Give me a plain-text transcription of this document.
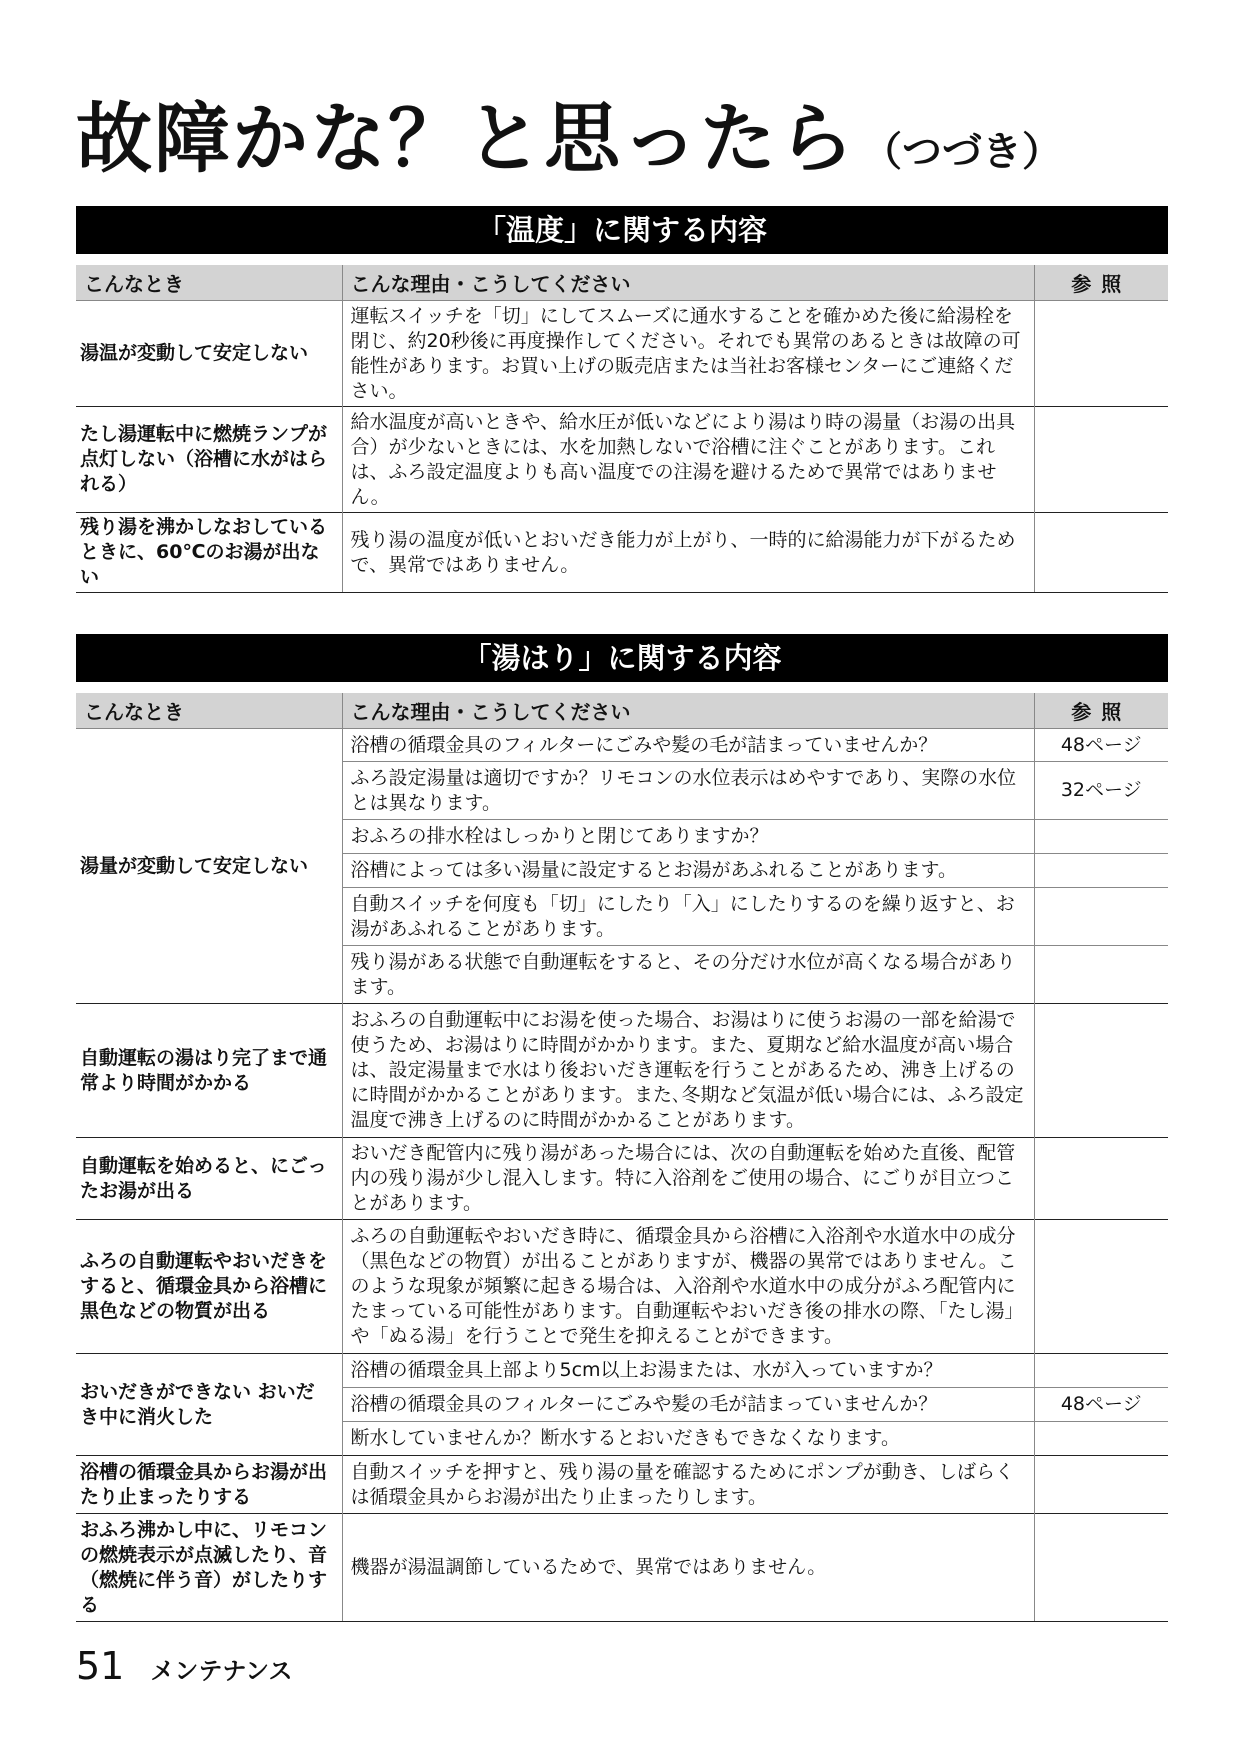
故障かな？と思ったら （つづき）
「温度」に関する内容
こんなとき	こんな理由・こうしてください	参照
湯温が変動して安定しない	運転スイッチを「切」にしてスムーズに通水することを確かめた後に給湯栓を閉じ、約20秒後に再度操作してください。それでも異常のあるときは故障の可能性があります。お買い上げの販売店または当社お客様センターにご連絡ください。	
たし湯運転中に燃焼ランプが点灯しない（浴槽に水がはられる）	給水温度が高いときや、給水圧が低いなどにより湯はり時の湯量（お湯の出具合）が少ないときには、水を加熱しないで浴槽に注ぐことがあります。これは、ふろ設定温度よりも高い温度での注湯を避けるためで異常ではありません。	
残り湯を沸かしなおしているときに、60℃のお湯が出ない	残り湯の温度が低いとおいだき能力が上がり、一時的に給湯能力が下がるためで、異常ではありません。	
「湯はり」に関する内容
こんなとき	こんな理由・こうしてください	参照
湯量が変動して安定しない	浴槽の循環金具のフィルターにごみや髪の毛が詰まっていませんか？	48ページ
	ふろ設定湯量は適切ですか？リモコンの水位表示はめやすであり、実際の水位とは異なります。	32ページ
	おふろの排水栓はしっかりと閉じてありますか？	
	浴槽によっては多い湯量に設定するとお湯があふれることがあります。	
	自動スイッチを何度も「切」にしたり「入」にしたりするのを繰り返すと、お湯があふれることがあります。	
	残り湯がある状態で自動運転をすると、その分だけ水位が高くなる場合があります。	
自動運転の湯はり完了まで通常より時間がかかる	おふろの自動運転中にお湯を使った場合、お湯はりに使うお湯の一部を給湯で使うため、お湯はりに時間がかかります。また、夏期など給水温度が高い場合は、設定湯量まで水はり後おいだき運転を行うことがあるため、沸き上げるのに時間がかかることがあります。また､冬期など気温が低い場合には、ふろ設定温度で沸き上げるのに時間がかかることがあります。	
自動運転を始めると、にごったお湯が出る	おいだき配管内に残り湯があった場合には、次の自動運転を始めた直後、配管内の残り湯が少し混入します。特に入浴剤をご使用の場合、にごりが目立つことがあります。	
ふろの自動運転やおいだきをすると、循環金具から浴槽に黒色などの物質が出る	ふろの自動運転やおいだき時に、循環金具から浴槽に入浴剤や水道水中の成分（黒色などの物質）が出ることがありますが、機器の異常ではありません。このような現象が頻繁に起きる場合は、入浴剤や水道水中の成分がふろ配管内にたまっている可能性があります。自動運転やおいだき後の排水の際､「たし湯」や「ぬる湯」を行うことで発生を抑えることができます。	
おいだきができない おいだき中に消火した	浴槽の循環金具上部より5cm以上お湯または、水が入っていますか？	
	浴槽の循環金具のフィルターにごみや髪の毛が詰まっていませんか？	48ページ
	断水していませんか？断水するとおいだきもできなくなります。	
浴槽の循環金具からお湯が出たり止まったりする	自動スイッチを押すと、残り湯の量を確認するためにポンプが動き、しばらくは循環金具からお湯が出たり止まったりします。	
おふろ沸かし中に、リモコンの燃焼表示が点滅したり、音（燃焼に伴う音）がしたりする	機器が湯温調節しているためで、異常ではありません。	
51 メンテナンス
